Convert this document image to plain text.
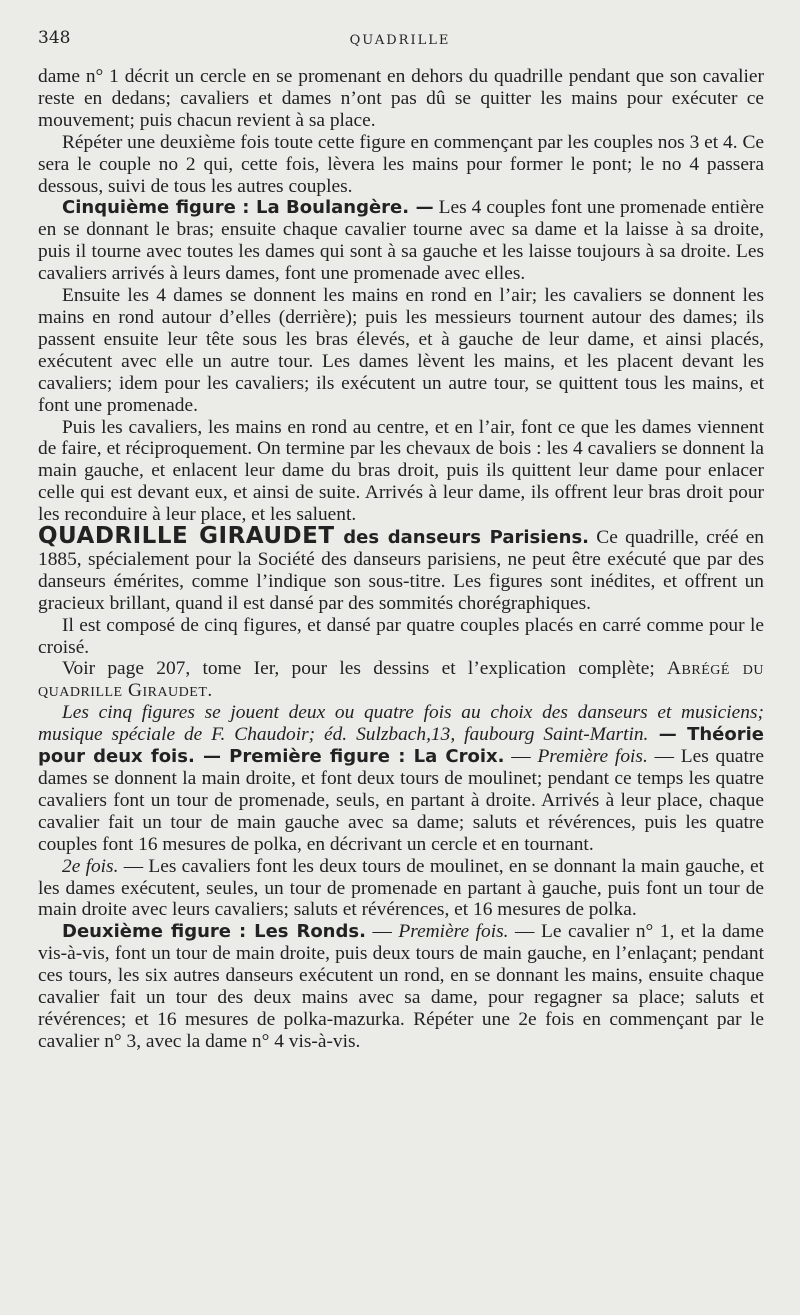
348	QUADRILLE

dame n° 1 décrit un cercle en se promenant en dehors du quadrille pendant que son cavalier reste en dedans; cavaliers et dames n’ont pas dû se quitter les mains pour exécuter ce mouvement; puis chacun revient à sa place.

Répéter une deuxième fois toute cette figure en commençant par les couples nos 3 et 4. Ce sera le couple no 2 qui, cette fois, lèvera les mains pour former le pont; le no 4 passera dessous, suivi de tous les autres couples.

Cinquième figure : La Boulangère. — Les 4 couples font une promenade entière en se donnant le bras; ensuite chaque cavalier tourne avec sa dame et la laisse à sa droite, puis il tourne avec toutes les dames qui sont à sa gauche et les laisse toujours à sa droite. Les cavaliers arrivés à leurs dames, font une promenade avec elles.

Ensuite les 4 dames se donnent les mains en rond en l’air; les cavaliers se donnent les mains en rond autour d’elles (derrière); puis les messieurs tournent autour des dames; ils passent ensuite leur tête sous les bras élevés, et à gauche de leur dame, et ainsi placés, exécutent avec elle un autre tour. Les dames lèvent les mains, et les placent devant les cavaliers; idem pour les cavaliers; ils exécutent un autre tour, se quittent tous les mains, et font une promenade.

Puis les cavaliers, les mains en rond au centre, et en l’air, font ce que les dames viennent de faire, et réciproquement. On termine par les chevaux de bois : les 4 cavaliers se donnent la main gauche, et enlacent leur dame du bras droit, puis ils quittent leur dame pour enlacer celle qui est devant eux, et ainsi de suite. Arrivés à leur dame, ils offrent leur bras droit pour les reconduire à leur place, et les saluent.

QUADRILLE GIRAUDET des danseurs Parisiens. Ce quadrille, créé en 1885, spécialement pour la Société des danseurs parisiens, ne peut être exécuté que par des danseurs émérites, comme l’indique son sous-titre. Les figures sont inédites, et offrent un gracieux brillant, quand il est dansé par des sommités chorégraphiques.

Il est composé de cinq figures, et dansé par quatre couples placés en carré comme pour le croisé.

Voir page 207, tome Ier, pour les dessins et l’explication complète; Abrégé du quadrille Giraudet.

Les cinq figures se jouent deux ou quatre fois au choix des danseurs et musiciens; musique spéciale de F. Chaudoir; éd. Sulzbach,13, faubourg Saint-Martin. — Théorie pour deux fois. — Première figure : La Croix. — Première fois. — Les quatre dames se donnent la main droite, et font deux tours de moulinet; pendant ce temps les quatre cavaliers font un tour de promenade, seuls, en partant à droite. Arrivés à leur place, chaque cavalier fait un tour de main gauche avec sa dame; saluts et révérences, puis les quatre couples font 16 mesures de polka, en décrivant un cercle et en tournant.

2e fois. — Les cavaliers font les deux tours de moulinet, en se donnant la main gauche, et les dames exécutent, seules, un tour de promenade en partant à gauche, puis font un tour de main droite avec leurs cavaliers; saluts et révérences, et 16 mesures de polka.

Deuxième figure : Les Ronds. — Première fois. — Le cavalier n° 1, et la dame vis-à-vis, font un tour de main droite, puis deux tours de main gauche, en l’enlaçant; pendant ces tours, les six autres danseurs exécutent un rond, en se donnant les mains, ensuite chaque cavalier fait un tour des deux mains avec sa dame, pour regagner sa place; saluts et révérences; et 16 mesures de polka-mazurka. Répéter une 2e fois en commençant par le cavalier n° 3, avec la dame n° 4 vis-à-vis.
